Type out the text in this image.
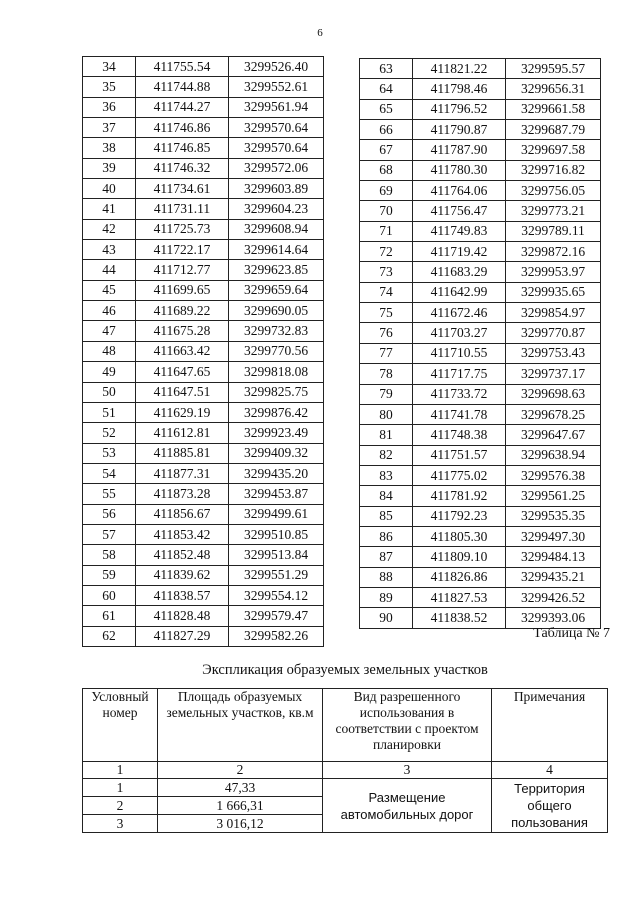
6
34	411755.54	3299526.40
35	411744.88	3299552.61
36	411744.27	3299561.94
37	411746.86	3299570.64
38	411746.85	3299570.64
39	411746.32	3299572.06
40	411734.61	3299603.89
41	411731.11	3299604.23
42	411725.73	3299608.94
43	411722.17	3299614.64
44	411712.77	3299623.85
45	411699.65	3299659.64
46	411689.22	3299690.05
47	411675.28	3299732.83
48	411663.42	3299770.56
49	411647.65	3299818.08
50	411647.51	3299825.75
51	411629.19	3299876.42
52	411612.81	3299923.49
53	411885.81	3299409.32
54	411877.31	3299435.20
55	411873.28	3299453.87
56	411856.67	3299499.61
57	411853.42	3299510.85
58	411852.48	3299513.84
59	411839.62	3299551.29
60	411838.57	3299554.12
61	411828.48	3299579.47
62	411827.29	3299582.26
63	411821.22	3299595.57
64	411798.46	3299656.31
65	411796.52	3299661.58
66	411790.87	3299687.79
67	411787.90	3299697.58
68	411780.30	3299716.82
69	411764.06	3299756.05
70	411756.47	3299773.21
71	411749.83	3299789.11
72	411719.42	3299872.16
73	411683.29	3299953.97
74	411642.99	3299935.65
75	411672.46	3299854.97
76	411703.27	3299770.87
77	411710.55	3299753.43
78	411717.75	3299737.17
79	411733.72	3299698.63
80	411741.78	3299678.25
81	411748.38	3299647.67
82	411751.57	3299638.94
83	411775.02	3299576.38
84	411781.92	3299561.25
85	411792.23	3299535.35
86	411805.30	3299497.30
87	411809.10	3299484.13
88	411826.86	3299435.21
89	411827.53	3299426.52
90	411838.52	3299393.06
Таблица № 7
Экспликация образуемых земельных участков
Условный номер	Площадь образуемых земельных участков, кв.м	Вид разрешенного использования в соответствии с проектом планировки	Примечания
1	2	3	4
1	47,33	Размещение автомобильных дорог	Территория общего пользования
2	1 666,31		
3	3 016,12		
